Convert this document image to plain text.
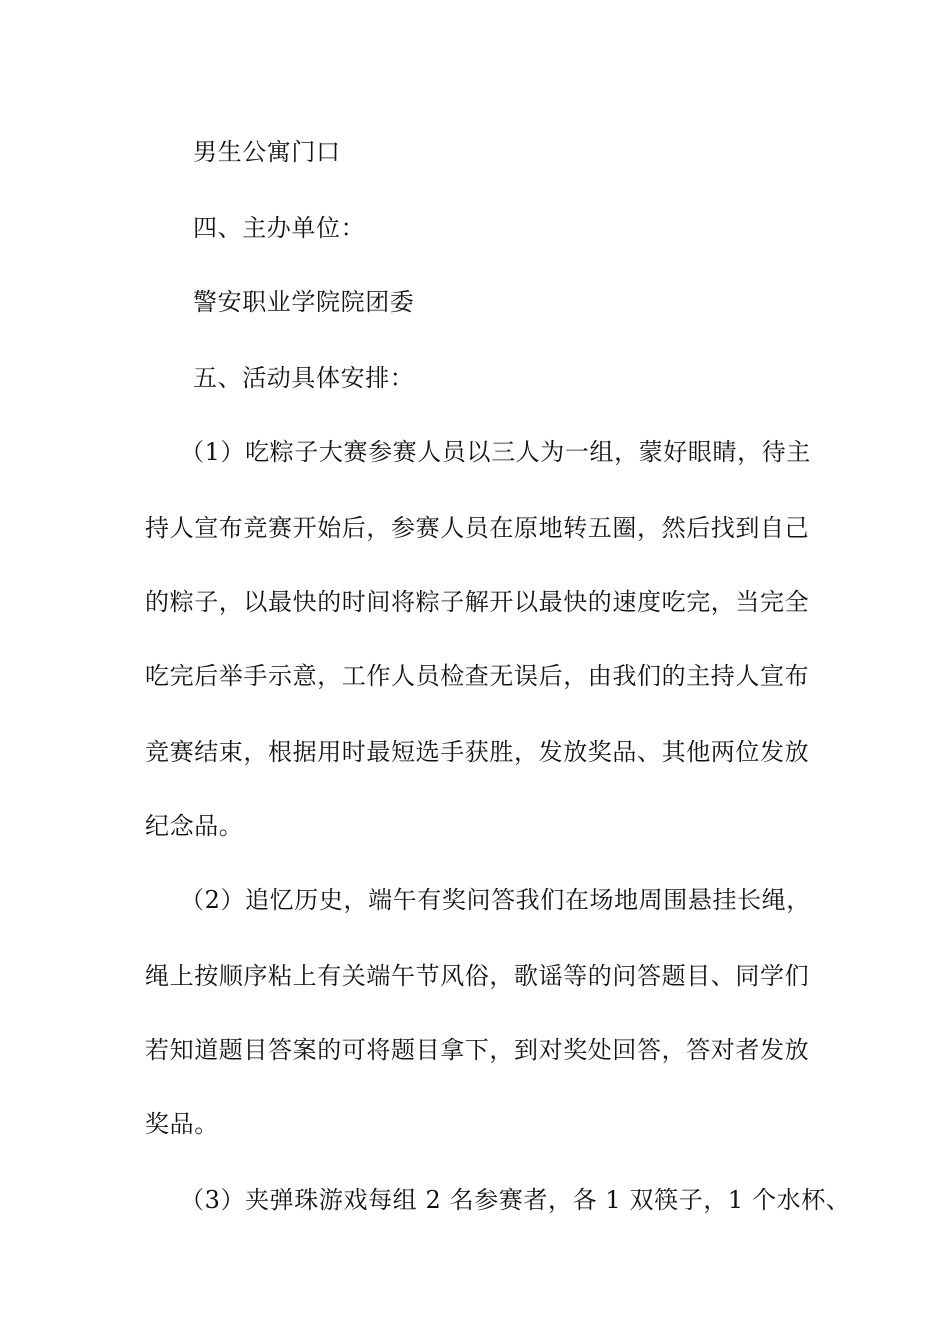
男生公寓门口
四、主办单位：
警安职业学院院团委
五、活动具体安排：
（1）吃粽子大赛参赛人员以三人为一组，蒙好眼睛，待主
持人宣布竞赛开始后，参赛人员在原地转五圈，然后找到自己
的粽子，以最快的时间将粽子解开以最快的速度吃完，当完全
吃完后举手示意，工作人员检查无误后，由我们的主持人宣布
竞赛结束，根据用时最短选手获胜，发放奖品、其他两位发放
纪念品。
（2）追忆历史，端午有奖问答我们在场地周围悬挂长绳，
绳上按顺序粘上有关端午节风俗，歌谣等的问答题目、同学们
若知道题目答案的可将题目拿下，到对奖处回答，答对者发放
奖品。
（3）夹弹珠游戏每组 2 名参赛者，各 1 双筷子，1 个水杯、
